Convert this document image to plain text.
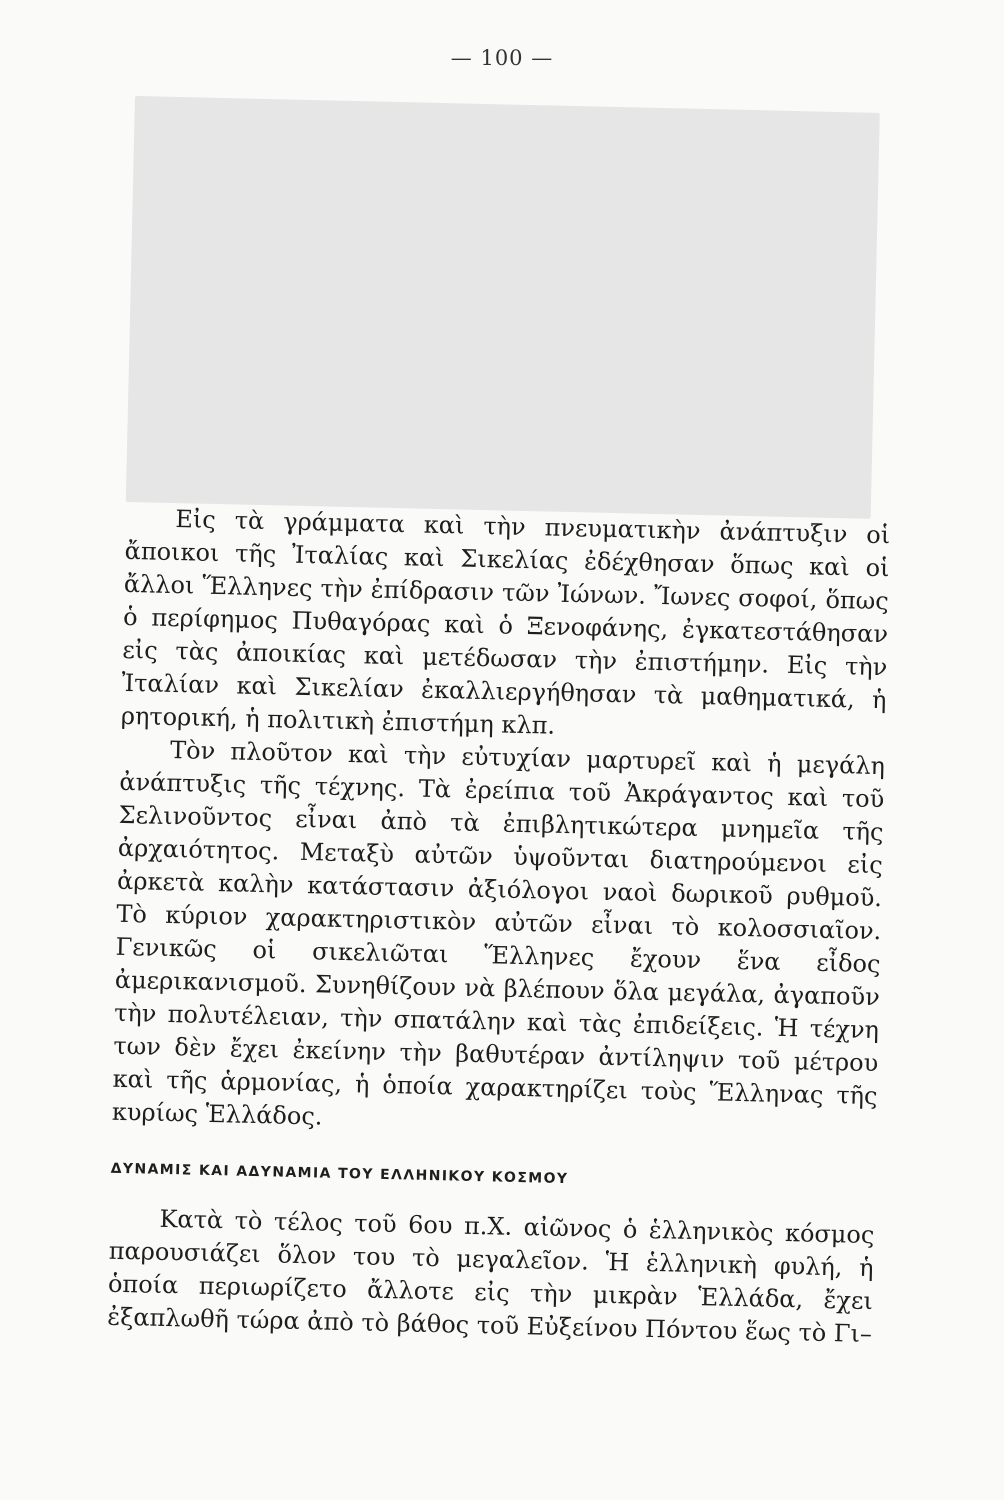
— 100 —

Εἰς τὰ γράμματα καὶ τὴν πνευματικὴν ἀνάπτυξιν οἱ ἄποικοι τῆς Ἰταλίας καὶ Σικελίας ἐδέχθησαν ὅπως καὶ οἱ ἄλλοι Ἕλληνες τὴν ἐπίδρασιν τῶν Ἰώνων. Ἴωνες σοφοί, ὅπως ὁ περίφημος Πυθαγόρας καὶ ὁ Ξενοφάνης, ἐγκατεστάθησαν εἰς τὰς ἀποικίας καὶ μετέδωσαν τὴν ἐπιστήμην. Εἰς τὴν Ἰταλίαν καὶ Σικελίαν ἐκαλλιεργήθησαν τὰ μαθηματικά, ἡ ρητορική, ἡ πολιτικὴ ἐπιστήμη κλπ.

Τὸν πλοῦτον καὶ τὴν εὐτυχίαν μαρτυρεῖ καὶ ἡ μεγάλη ἀνάπτυξις τῆς τέχνης. Τὰ ἐρείπια τοῦ Ἀκράγαντος καὶ τοῦ Σελινοῦντος εἶναι ἀπὸ τὰ ἐπιβλητικώτερα μνημεῖα τῆς ἀρχαιότητος. Μεταξὺ αὐτῶν ὑψοῦνται διατηρούμενοι εἰς ἀρκετὰ καλὴν κατάστασιν ἀξιόλογοι ναοὶ δωρικοῦ ρυθμοῦ. Τὸ κύριον χαρακτηριστικὸν αὐτῶν εἶναι τὸ κολοσσιαῖον. Γενικῶς οἱ σικελιῶται Ἕλληνες ἔχουν ἕνα εἶδος ἀμερικανισμοῦ. Συνηθίζουν νὰ βλέπουν ὅλα μεγάλα, ἀγαποῦν τὴν πολυτέλειαν, τὴν σπατάλην καὶ τὰς ἐπιδείξεις. Ἡ τέχνη των δὲν ἔχει ἐκείνην τὴν βαθυτέραν ἀντίληψιν τοῦ μέτρου καὶ τῆς ἁρμονίας, ἡ ὁποία χαρακτηρίζει τοὺς Ἕλληνας τῆς κυρίως Ἑλλάδος.

ΔΥΝΑΜΙΣ ΚΑΙ ΑΔΥΝΑΜΙΑ ΤΟΥ ΕΛΛΗΝΙΚΟΥ ΚΟΣΜΟΥ

Κατὰ τὸ τέλος τοῦ 6ου π.Χ. αἰῶνος ὁ ἑλληνικὸς κόσμος παρουσιάζει ὅλον του τὸ μεγαλεῖον. Ἡ ἑλληνικὴ φυλή, ἡ ὁποία περιωρίζετο ἄλλοτε εἰς τὴν μικρὰν Ἑλλάδα, ἔχει ἐξαπλωθῆ τώρα ἀπὸ τὸ βάθος τοῦ Εὐξείνου Πόντου ἕως τὸ Γι–
